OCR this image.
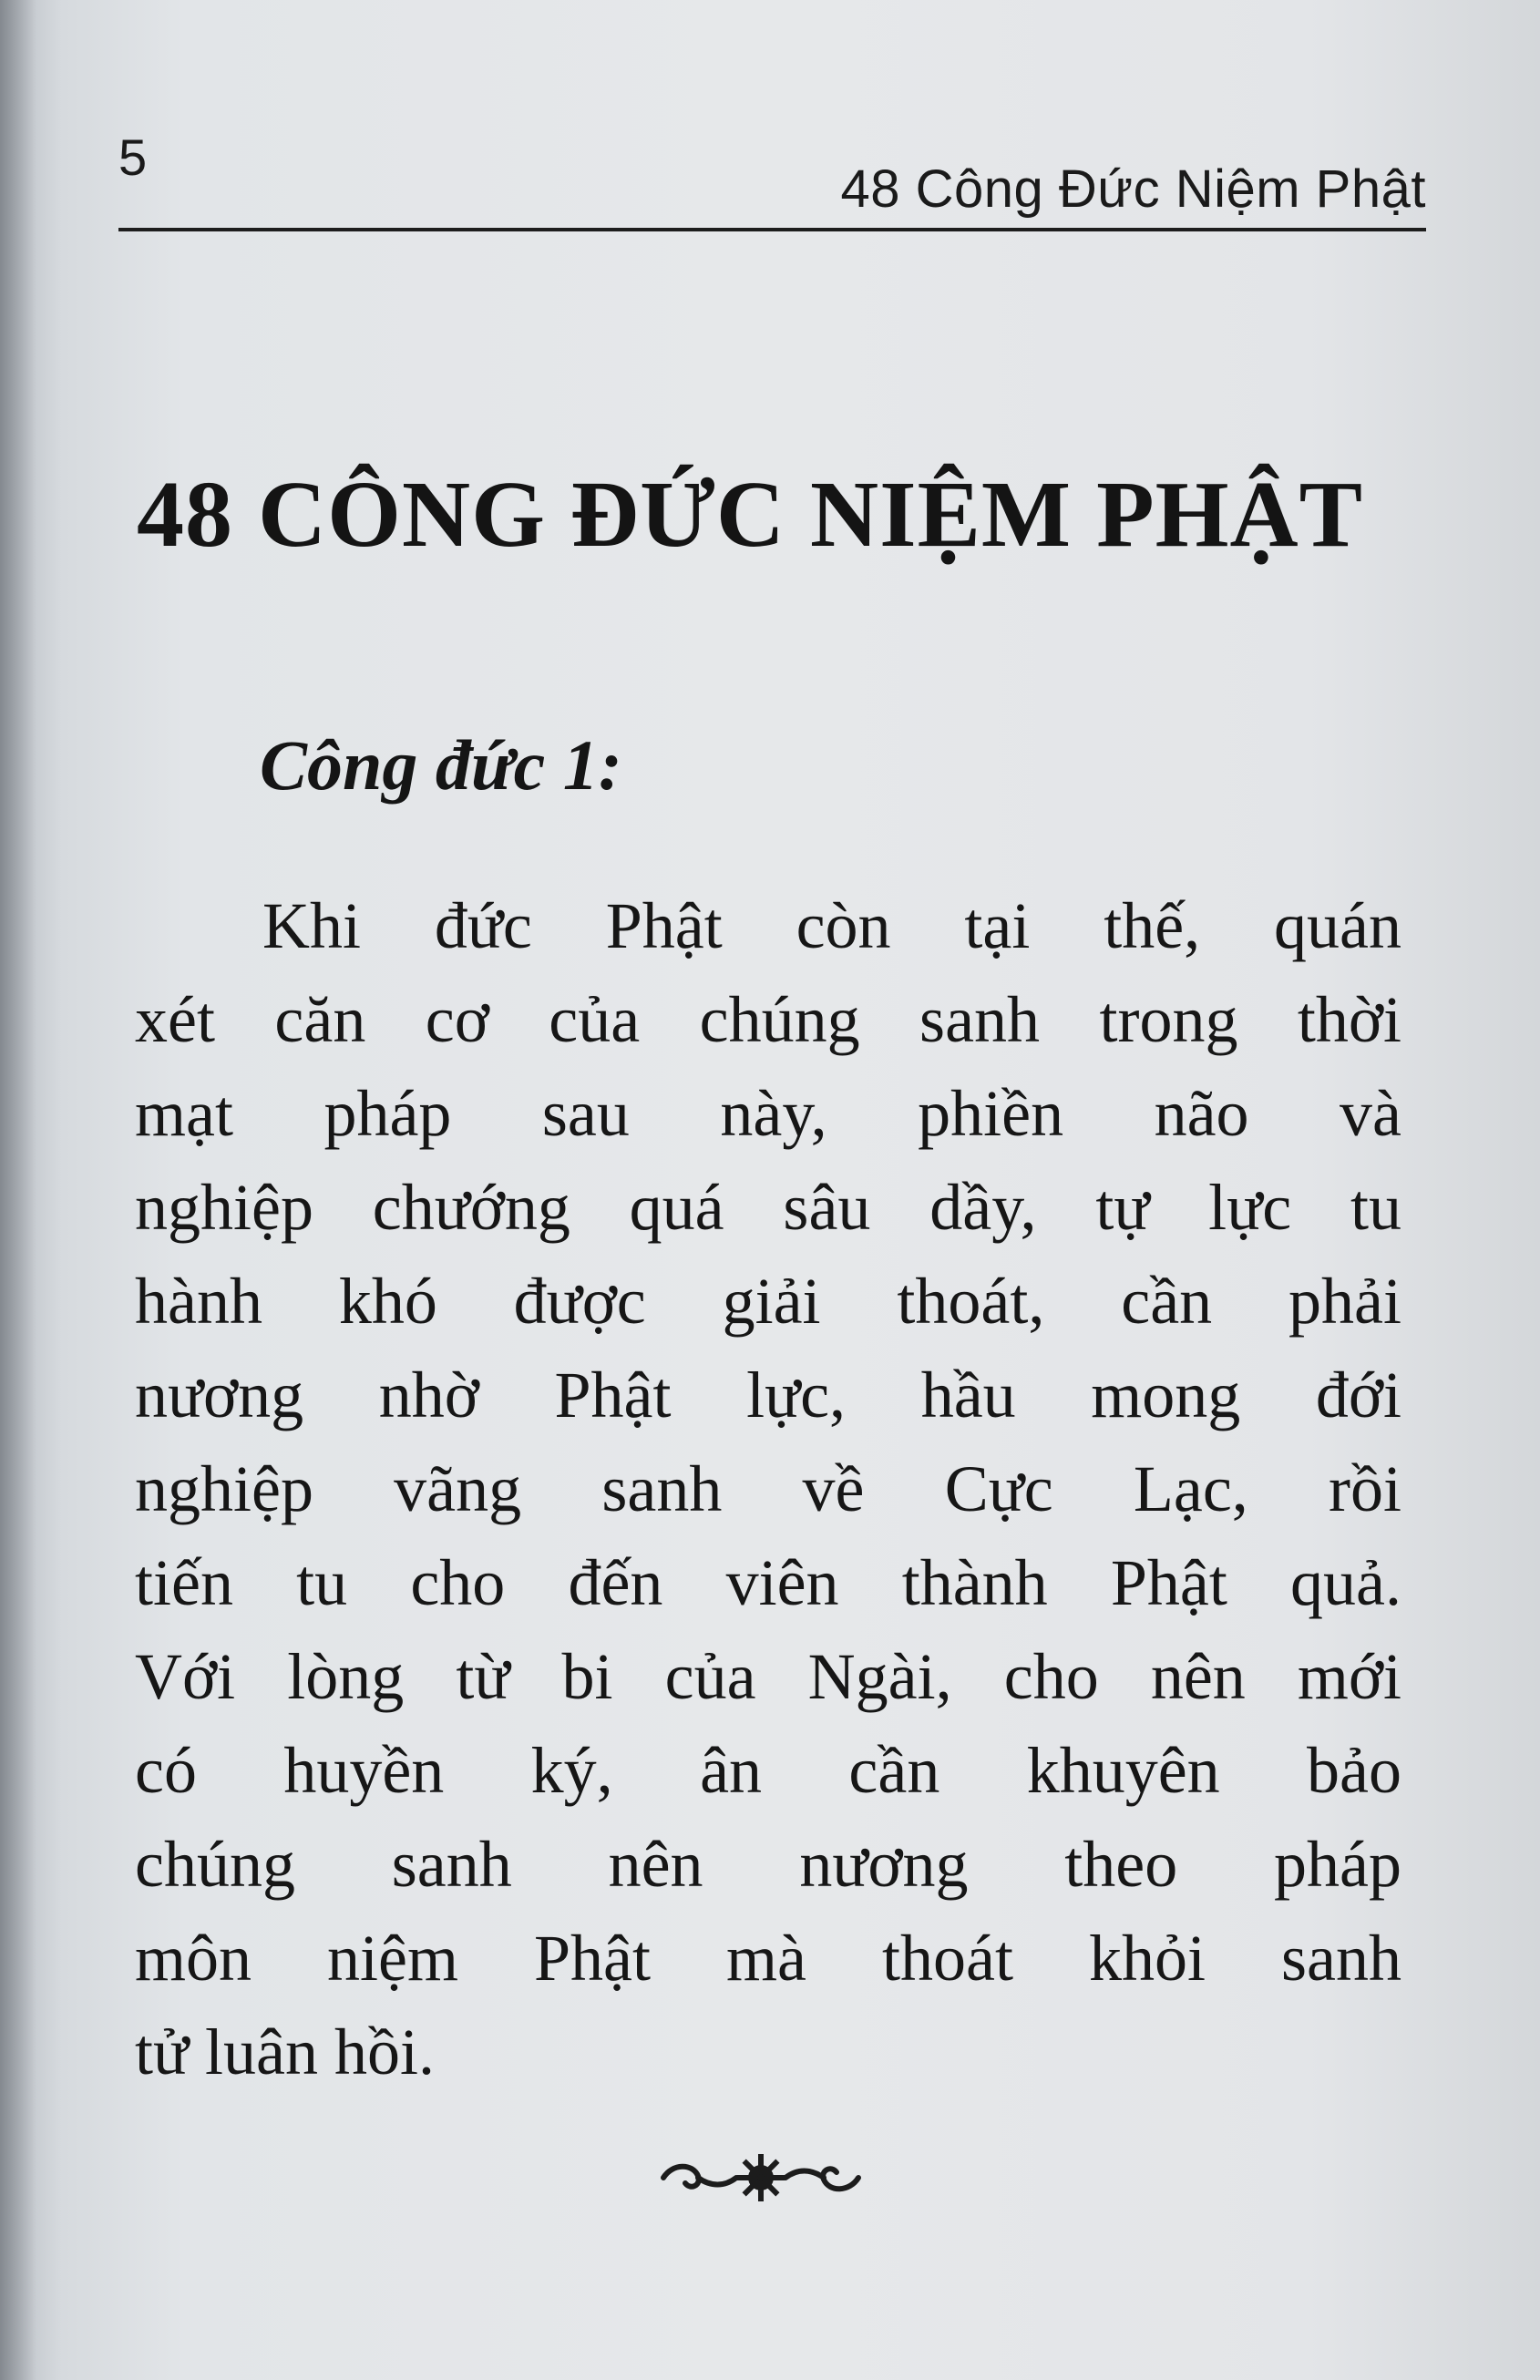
5
48 Công Đức Niệm Phật
48 CÔNG ĐỨC NIỆM PHẬT
Công đức 1:
Khi đức Phật còn tại thế, quán
xét căn cơ của chúng sanh trong thời
mạt pháp sau này, phiền não và
nghiệp chướng quá sâu dầy, tự lực tu
hành khó được giải thoát, cần phải
nương nhờ Phật lực, hầu mong đới
nghiệp vãng sanh về Cực Lạc, rồi
tiến tu cho đến viên thành Phật quả.
Với lòng từ bi của Ngài, cho nên mới
có huyền ký, ân cần khuyên bảo
chúng sanh nên nương theo pháp
môn niệm Phật mà thoát khỏi sanh
tử luân hồi.
